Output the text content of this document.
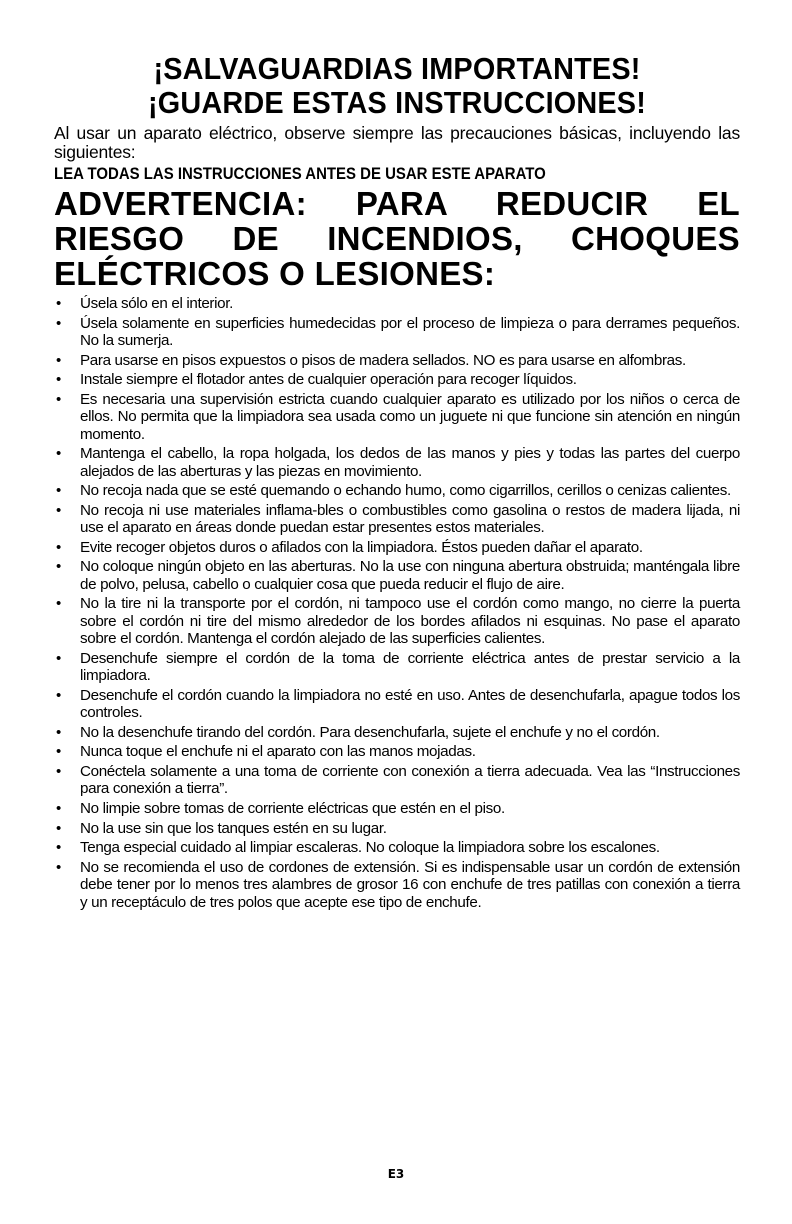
¡SALVAGUARDIAS IMPORTANTES!
¡GUARDE ESTAS INSTRUCCIONES!

Al usar un aparato eléctrico, observe siempre las precauciones básicas, incluyendo las siguientes:

LEA TODAS LAS INSTRUCCIONES ANTES DE USAR ESTE APARATO

ADVERTENCIA: PARA REDUCIR EL RIESGO DE INCENDIOS, CHOQUES ELÉCTRICOS O LESIONES:

• Úsela sólo en el interior.
• Úsela solamente en superficies humedecidas por el proceso de limpieza o para derrames pequeños. No la sumerja.
• Para usarse en pisos expuestos o pisos de madera sellados. NO es para usarse en alfombras.
• Instale siempre el flotador antes de cualquier operación para recoger líquidos.
• Es necesaria una supervisión estricta cuando cualquier aparato es utilizado por los niños o cerca de ellos. No permita que la limpiadora sea usada como un juguete ni que funcione sin atención en ningún momento.
• Mantenga el cabello, la ropa holgada, los dedos de las manos y pies y todas las partes del cuerpo alejados de las aberturas y las piezas en movimiento.
• No recoja nada que se esté quemando o echando humo, como cigarrillos, cerillos o cenizas calientes.
• No recoja ni use materiales inflama-bles o combustibles como gasolina o restos de madera lijada, ni use el aparato en áreas donde puedan estar presentes estos materiales.
• Evite recoger objetos duros o afilados con la limpiadora. Éstos pueden dañar el aparato.
• No coloque ningún objeto en las aberturas. No la use con ninguna abertura obstruida; manténgala libre de polvo, pelusa, cabello o cualquier cosa que pueda reducir el flujo de aire.
• No la tire ni la transporte por el cordón, ni tampoco use el cordón como mango, no cierre la puerta sobre el cordón ni tire del mismo alrededor de los bordes afilados ni esquinas. No pase el aparato sobre el cordón. Mantenga el cordón alejado de las superficies calientes.
• Desenchufe siempre el cordón de la toma de corriente eléctrica antes de prestar servicio a la limpiadora.
• Desenchufe el cordón cuando la limpiadora no esté en uso. Antes de desenchufarla, apague todos los controles.
• No la desenchufe tirando del cordón. Para desenchufarla, sujete el enchufe y no el cordón.
• Nunca toque el enchufe ni el aparato con las manos mojadas.
• Conéctela solamente a una toma de corriente con conexión a tierra adecuada. Vea las “Instrucciones para conexión a tierra”.
• No limpie sobre tomas de corriente eléctricas que estén en el piso.
• No la use sin que los tanques estén en su lugar.
• Tenga especial cuidado al limpiar escaleras. No coloque la limpiadora sobre los escalones.
• No se recomienda el uso de cordones de extensión. Si es indispensable usar un cordón de extensión debe tener por lo menos tres alambres de grosor 16 con enchufe de tres patillas con conexión a tierra y un receptáculo de tres polos que acepte ese tipo de enchufe.
E3
